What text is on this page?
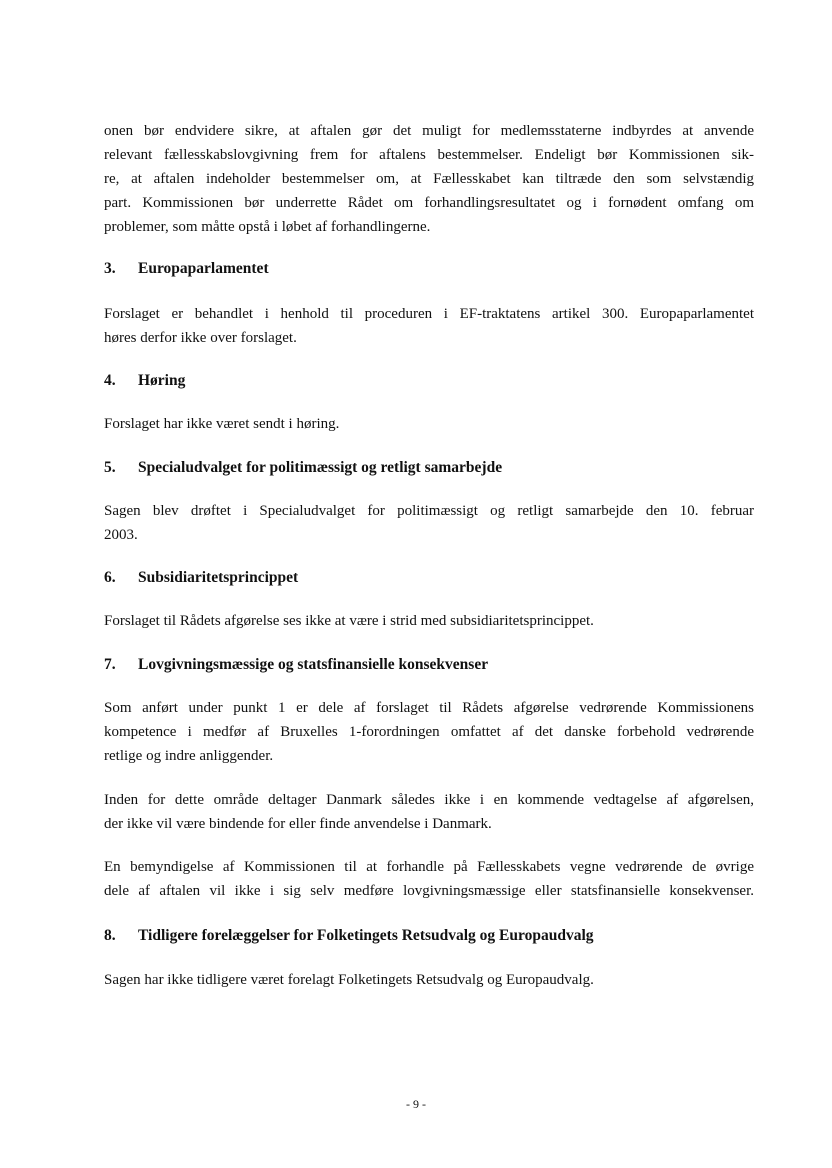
onen bør endvidere sikre, at aftalen gør det muligt for medlemsstaterne indbyrdes at anvende
relevant fællesskabslovgivning frem for aftalens bestemmelser. Endeligt bør Kommissionen sik-
re, at aftalen indeholder bestemmelser om, at Fællesskabet kan tiltræde den som selvstændig
part. Kommissionen bør underrette Rådet om forhandlingsresultatet og i fornødent omfang om
problemer, som måtte opstå i løbet af forhandlingerne.
3. Europaparlamentet
Forslaget er behandlet i henhold til proceduren i EF-traktatens artikel 300. Europaparlamentet
høres derfor ikke over forslaget.
4. Høring
Forslaget har ikke været sendt i høring.
5. Specialudvalget for politimæssigt og retligt samarbejde
Sagen blev drøftet i Specialudvalget for politimæssigt og retligt samarbejde den 10. februar
2003.
6. Subsidiaritetsprincippet
Forslaget til Rådets afgørelse ses ikke at være i strid med subsidiaritetsprincippet.
7. Lovgivningsmæssige og statsfinansielle konsekvenser
Som anført under punkt 1 er dele af forslaget til Rådets afgørelse vedrørende Kommissionens
kompetence i medfør af Bruxelles 1-forordningen omfattet af det danske forbehold vedrørende
retlige og indre anliggender.
Inden for dette område deltager Danmark således ikke i en kommende vedtagelse af afgørelsen,
der ikke vil være bindende for eller finde anvendelse i Danmark.
En bemyndigelse af Kommissionen til at forhandle på Fællesskabets vegne vedrørende de øvrige
dele af aftalen vil ikke i sig selv medføre lovgivningsmæssige eller statsfinansielle konsekvenser.
8. Tidligere forelæggelser for Folketingets Retsudvalg og Europaudvalg
Sagen har ikke tidligere været forelagt Folketingets Retsudvalg og Europaudvalg.
- 9 -
